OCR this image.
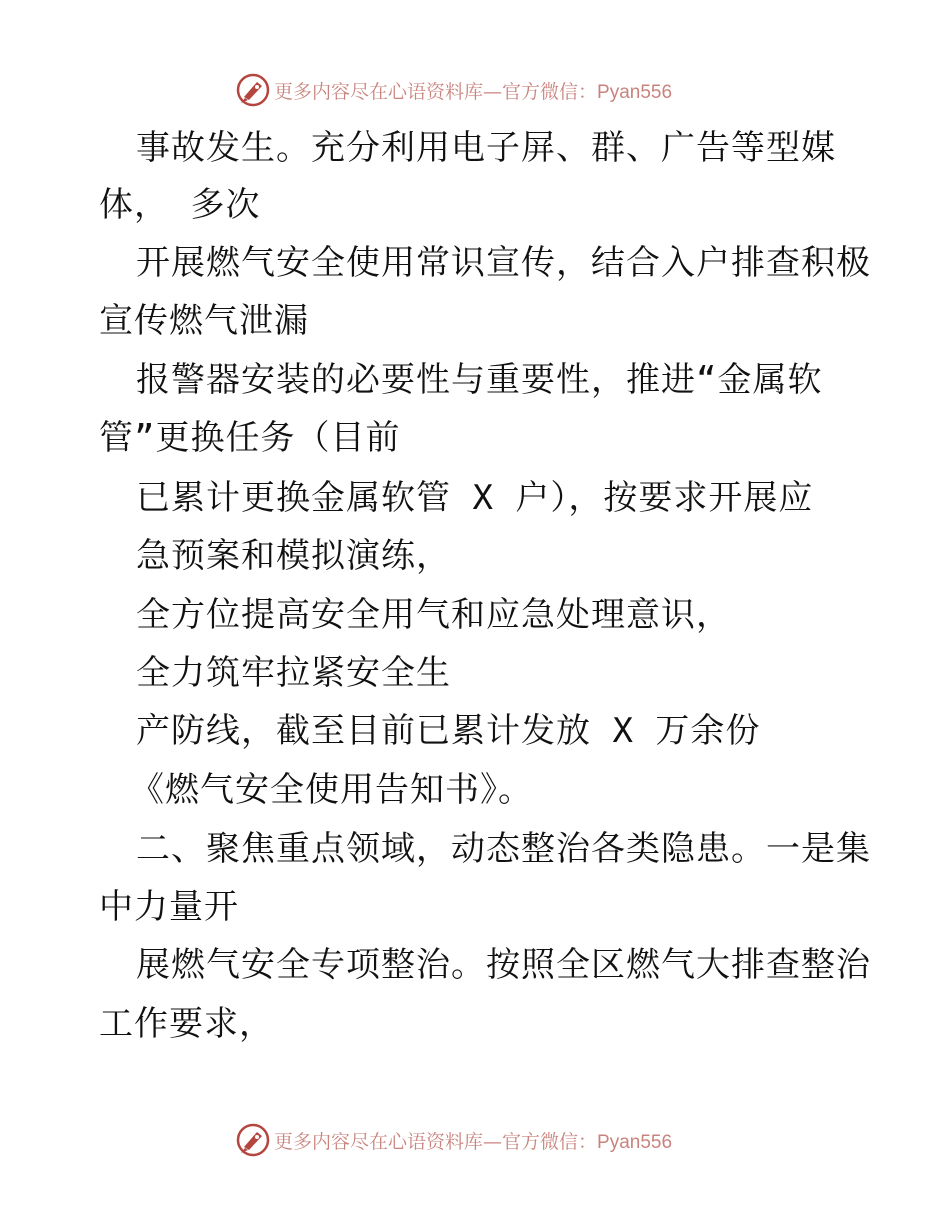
更多内容尽在心语资料库—官方微信：Pyan556
事故发生。充分利用电子屏、群、广告等型媒
体， 多次
开展燃气安全使用常识宣传，结合入户排查积极
宣传燃气泄漏
报警器安装的必要性与重要性，推进“金属软
管”更换任务（目前
已累计更换金属软管 X 户），按要求开展应
急预案和模拟演练，
全方位提高安全用气和应急处理意识，
全力筑牢拉紧安全生
产防线，截至目前已累计发放 X 万余份
《燃气安全使用告知书》。
二、聚焦重点领域，动态整治各类隐患。一是集
中力量开
展燃气安全专项整治。按照全区燃气大排查整治
工作要求，
更多内容尽在心语资料库—官方微信：Pyan556
